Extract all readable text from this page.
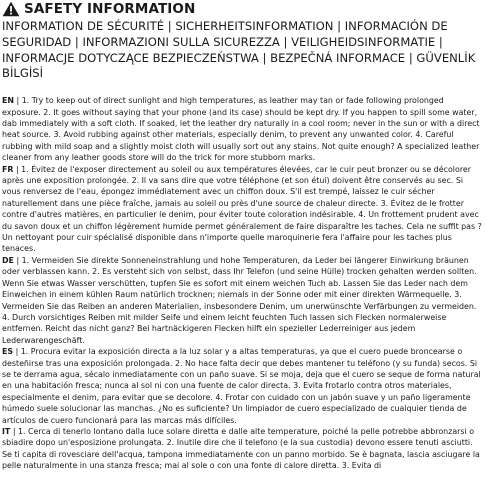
SAFETY INFORMATION
INFORMATION DE SÉCURITÉ | SICHERHEITSINFORMATION | INFORMACIÓN DE SEGURIDAD | INFORMAZIONI SULLA SICUREZZA | VEILIGHEIDSINFORMATIE | INFORMACJE DOTYCZĄCE BEZPIECZEŃSTWA | BEZPEČNÁ INFORMACE | GÜVENLİK BİLGİSİ

EN | 1. Try to keep out of direct sunlight and high temperatures, as leather may tan or fade following prolonged exposure. 2. It goes without saying that your phone (and its case) should be kept dry. If you happen to spill some water, dab immediately with a soft cloth. If soaked, let the leather dry naturally in a cool room; never in the sun or with a direct heat source. 3. Avoid rubbing against other materials, especially denim, to prevent any unwanted color. 4. Careful rubbing with mild soap and a slightly moist cloth will usually sort out any stains. Not quite enough? A specialized leather cleaner from any leather goods store will do the trick for more stubborn marks.

FR | 1. Évitez de l'exposer directement au soleil ou aux températures élevées, car le cuir peut bronzer ou se décolorer après une exposition prolongée. 2. Il va sans dire que votre téléphone (et son étui) doivent être conservés au sec. Si vous renversez de l'eau, épongez immédiatement avec un chiffon doux. S'il est trempé, laissez le cuir sécher naturellement dans une pièce fraîche, jamais au soleil ou près d'une source de chaleur directe. 3. Évitez de le frotter contre d'autres matières, en particulier le denim, pour éviter toute coloration indésirable. 4. Un frottement prudent avec du savon doux et un chiffon légèrement humide permet généralement de faire disparaître les taches. Cela ne suffit pas ? Un nettoyant pour cuir spécialisé disponible dans n'importe quelle maroquinerie fera l'affaire pour les taches plus tenaces.

DE | 1. Vermeiden Sie direkte Sonneneinstrahlung und hohe Temperaturen, da Leder bei längerer Einwirkung bräunen oder verblassen kann. 2. Es versteht sich von selbst, dass Ihr Telefon (und seine Hülle) trocken gehalten werden sollten. Wenn Sie etwas Wasser verschütten, tupfen Sie es sofort mit einem weichen Tuch ab. Lassen Sie das Leder nach dem Einweichen in einem kühlen Raum natürlich trocknen; niemals in der Sonne oder mit einer direkten Wärmequelle. 3. Vermeiden Sie das Reiben an anderen Materialien, insbesondere Denim, um unerwünschte Verfärbungen zu vermeiden. 4. Durch vorsichtiges Reiben mit milder Seife und einem leicht feuchten Tuch lassen sich Flecken normalerweise entfernen. Reicht das nicht ganz? Bei hartnäckigeren Flecken hilft ein spezieller Lederreiniger aus jedem Lederwarengeschäft.

ES | 1. Procura evitar la exposición directa a la luz solar y a altas temperaturas, ya que el cuero puede broncearse o desteñirse tras una exposición prolongada. 2. No hace falta decir que debes mantener tu teléfono (y su funda) secos. Si se te derrama agua, sécalo inmediatamente con un paño suave. Si se moja, deja que el cuero se seque de forma natural en una habitación fresca; nunca al sol ni con una fuente de calor directa. 3. Evita frotarlo contra otros materiales, especialmente el denim, para evitar que se decolore. 4. Frotar con cuidado con un jabón suave y un paño ligeramente húmedo suele solucionar las manchas. ¿No es suficiente? Un limpiador de cuero especializado de cualquier tienda de artículos de cuero funcionará para las marcas más difíciles.

IT | 1. Cerca di tenerlo lontano dalla luce solare diretta e dalle alte temperature, poiché la pelle potrebbe abbronzarsi o sbiadire dopo un'esposizione prolungata. 2. Inutile dire che il telefono (e la sua custodia) devono essere tenuti asciutti. Se ti capita di rovesciare dell'acqua, tampona immediatamente con un panno morbido. Se è bagnata, lascia asciugare la pelle naturalmente in una stanza fresca; mai al sole o con una fonte di calore diretta. 3. Evita di
